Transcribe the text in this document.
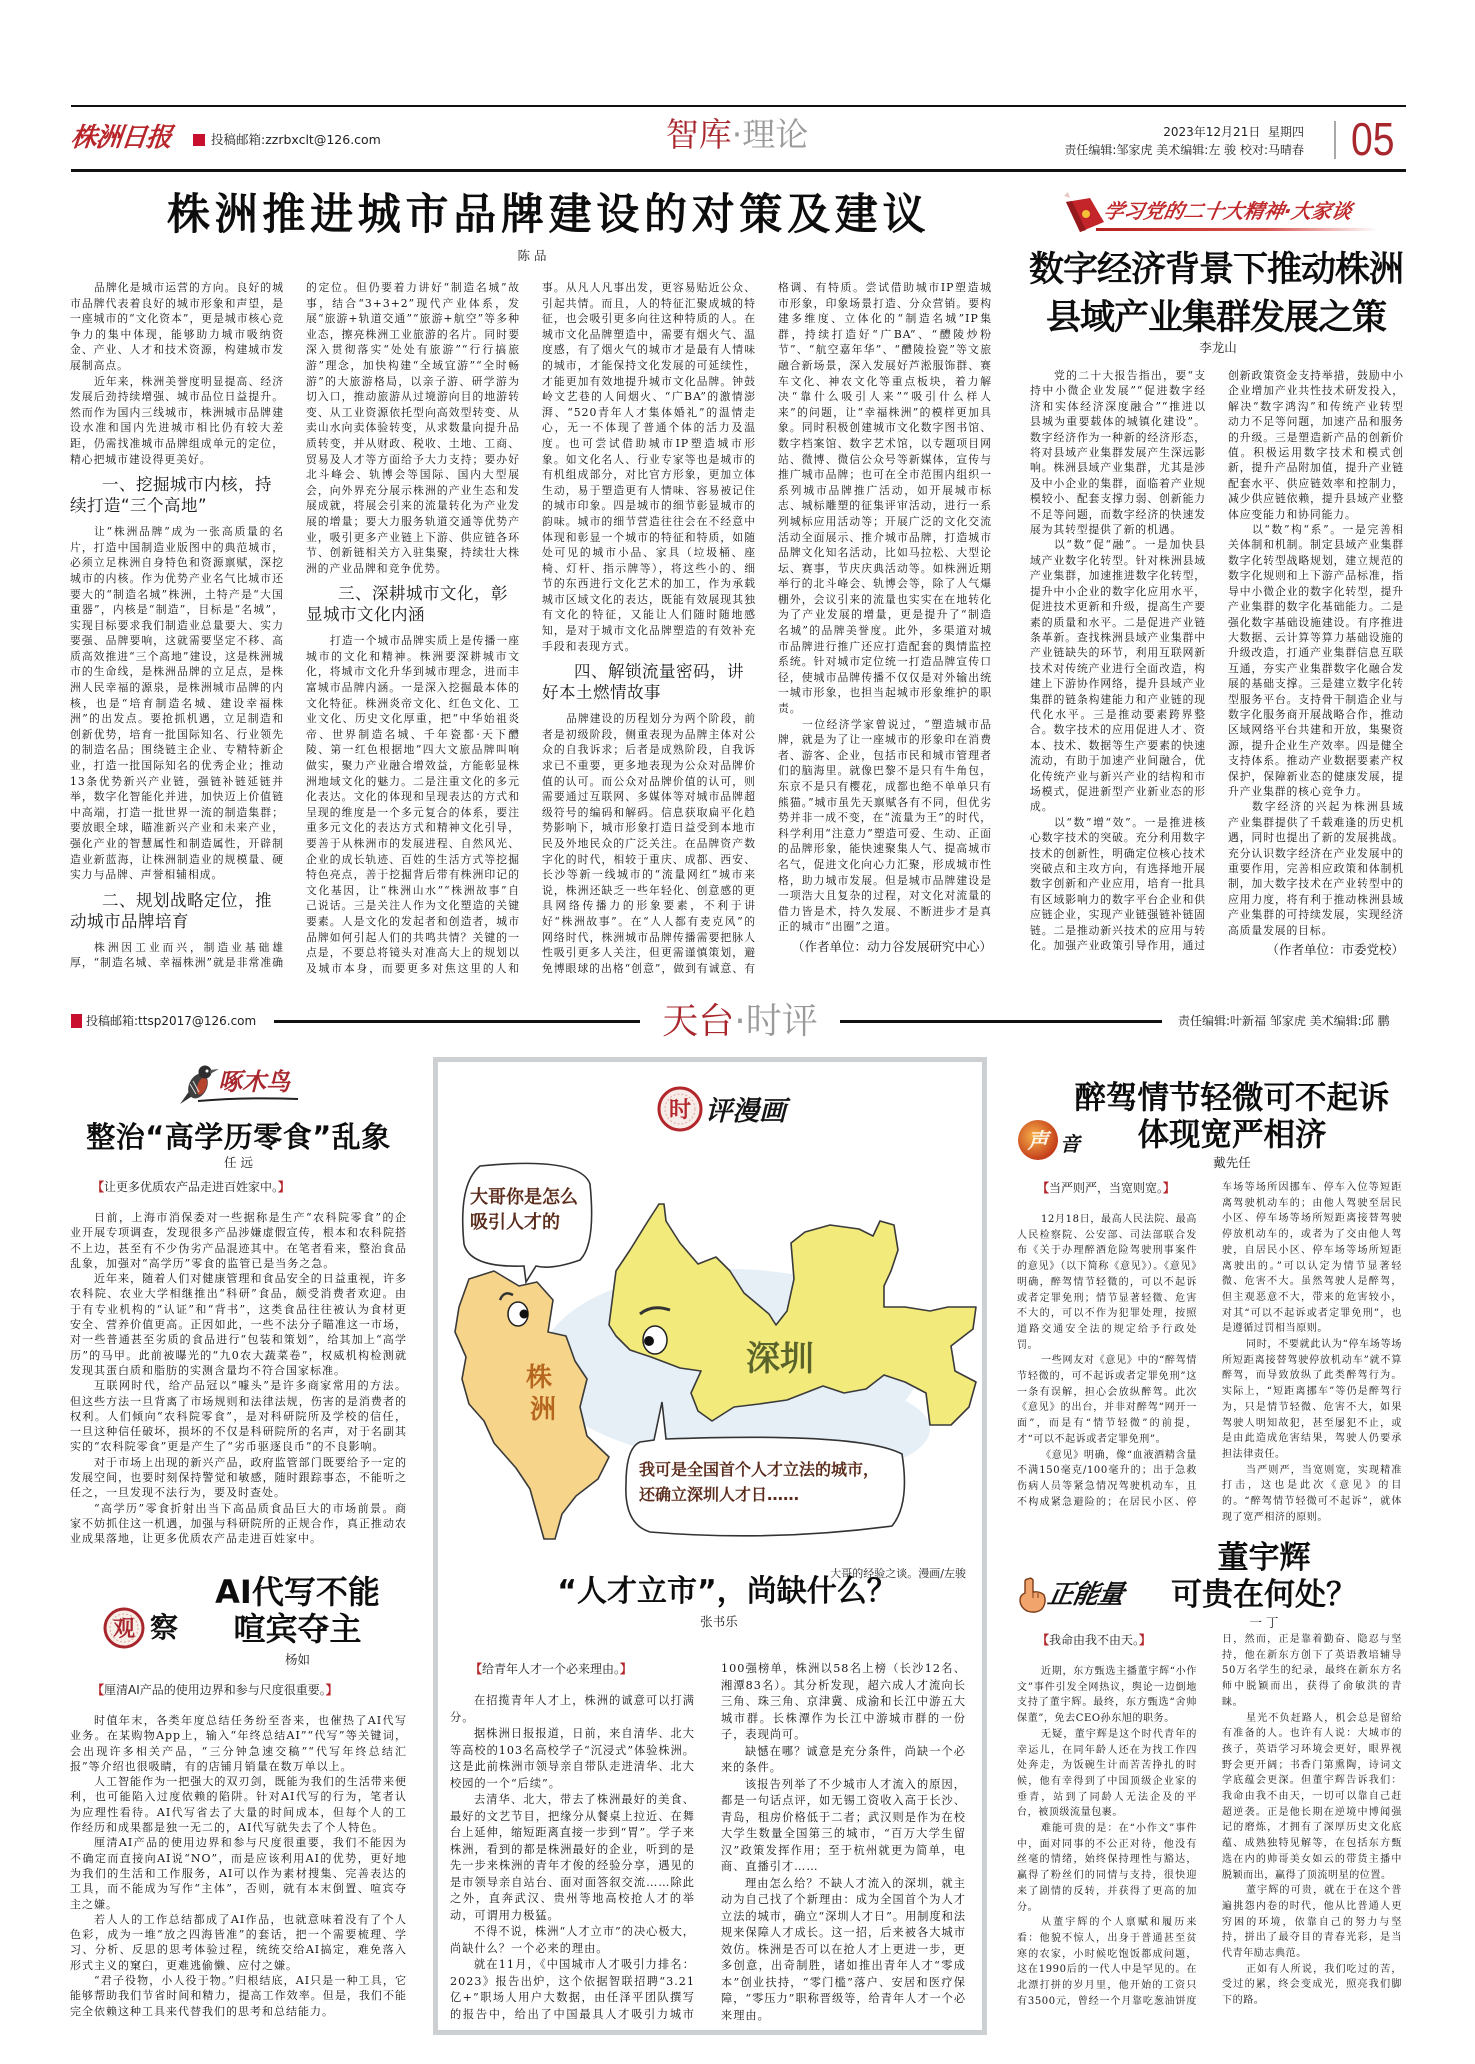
株洲日报	投稿邮箱:zzrbxclt@126.com	智库·理论	2023年12月21日 星期四
责任编辑:邹家虎 美术编辑:左 骏 校对:马晴春 05
株洲推进城市品牌建设的对策及建议
陈 品

品牌化是城市运营的方向。良好的城市品牌代表着良好的城市形象和声望，是一座城市的“文化资本”，更是城市核心竞争力的集中体现，能够助力城市吸纳资金、产业、人才和技术资源，构建城市发展制高点。

近年来，株洲美誉度明显提高、经济发展后劲持续增强、城市品位日益提升。然而作为国内三线城市，株洲城市品牌建设水准和国内先进城市相比仍有较大差距，仍需找准城市品牌组成单元的定位，精心把城市建设得更美好。

一、挖掘城市内核，持续打造“三个高地”

让“株洲品牌”成为一张高质量的名片，打造中国制造业版图中的典范城市，必须立足株洲自身特色和资源禀赋，深挖城市的内核。作为优势产业名气比城市还要大的“制造名城”株洲，土特产是“大国重器”，内核是“制造”，目标是“名城”，实现目标要求我们制造业总量要大、实力要强、品牌要响，这就需要坚定不移、高质高效推进“三个高地”建设，这是株洲城市的生命线，是株洲品牌的立足点，是株洲人民幸福的源泉，是株洲城市品牌的内核，也是“培育制造名城、建设幸福株洲”的出发点。要抢抓机遇，立足制造和创新优势，培育一批国际知名、行业领先的制造名品；围绕链主企业、专精特新企业，打造一批国际知名的优秀企业；推动13条优势新兴产业链，强链补链延链并举，数字化智能化并进，加快迈上价值链中高端，打造一批世界一流的制造集群；要放眼全球，瞄准新兴产业和未来产业，强化产业的智慧属性和制造属性，开辟制造业新蓝海，让株洲制造业的规模量、硬实力与品牌、声誉相辅相成。

二、规划战略定位，推动城市品牌培育

株洲因工业而兴，制造业基础雄厚，“制造名城、幸福株洲”就是非常准确的定位。但仍要着力讲好“制造名城”故事，结合“3+3+2”现代产业体系，发展“旅游+轨道交通”“旅游+航空”等多种业态，擦亮株洲工业旅游的名片。同时要深入贯彻落实“处处有旅游”“行行搞旅游”理念，加快构建“全域宜游”“全时畅游”的大旅游格局，以亲子游、研学游为切入口，推动旅游从过境游向目的地游转变、从工业资源依托型向高效型转变、从卖山水向卖体验转变，从求数量向提升品质转变，并从财政、税收、土地、工商、贸易及人才等方面给予大力支持；要办好北斗峰会、轨博会等国际、国内大型展会，向外界充分展示株洲的产业生态和发展成就，将展会引来的流量转化为产业发展的增量；要大力服务轨道交通等优势产业，吸引更多产业链上下游、供应链各环节、创新链相关方入驻集聚，持续壮大株洲的产业品牌和竞争优势。

三、深耕城市文化，彰显城市文化内涵

打造一个城市品牌实质上是传播一座城市的文化和精神。株洲要深耕城市文化，将城市文化升华到城市理念，进而丰富城市品牌内涵。一是深入挖掘最本体的文化特征。株洲炎帝文化、红色文化、工业文化、历史文化厚重，把“中华始祖炎帝、世界制造名城、千年瓷都·天下醴陵、第一红色根据地”四大文旅品牌叫响做实，聚力产业融合增效益，方能彰显株洲地域文化的魅力。二是注重文化的多元化表达。文化的体现和呈现表达的方式和呈现的维度是一个多元复合的体系，要注重多元文化的表达方式和精神文化引导，要善于从株洲市的发展进程、自然风光、企业的成长轨迹、百姓的生活方式等挖掘特色亮点，善于挖掘背后带有株洲印记的文化基因，让“株洲山水”“株洲故事”自己说话。三是关注人作为文化塑造的关键要素。人是文化的发起者和创造者，城市品牌如何引起人们的共鸣共情？关键的一点是，不要总将镜头对准高大上的规划以及城市本身，而要更多对焦这里的人和事。从凡人凡事出发，更容易贴近公众、引起共情。而且，人的特征汇聚成城的特征，也会吸引更多向往这种特质的人。在城市文化品牌塑造中，需要有烟火气、温度感，有了烟火气的城市才是最有人情味的城市，才能保持文化发展的可延续性，才能更加有效地提升城市文化品牌。钟鼓岭文艺巷的人间烟火、“广BA”的激情澎湃、“520青年人才集体婚礼”的温情走心，无一不体现了普通个体的活力及温度。也可尝试借助城市IP塑造城市形象。如文化名人、行业专家等也是城市的有机组成部分，对比官方形象，更加立体生动，易于塑造更有人情味、容易被记住的城市印象。四是城市的细节彰显城市的韵味。城市的细节营造往往会在不经意中体现和彰显一个城市的特征和特质，如随处可见的城市小品、家具（垃圾桶、座椅、灯杆、指示牌等），将这些小的、细节的东西进行文化艺术的加工，作为承载城市区域文化的表达，既能有效展现其独有文化的特征，又能让人们随时随地感知，是对于城市文化品牌塑造的有效补充手段和表现方式。

四、解锁流量密码，讲好本土燃情故事

品牌建设的历程划分为两个阶段，前者是初级阶段，侧重表现为品牌主体对公众的自我诉求；后者是成熟阶段，自我诉求已不重要，更多地表现为公众对品牌价值的认可。而公众对品牌价值的认可，则需要通过互联网、多媒体等对城市品牌超级符号的编码和解码。信息获取扁平化趋势影响下，城市形象打造日益受到本地市民及外地民众的广泛关注。在品牌资产数字化的时代，相较于重庆、成都、西安、长沙等新一线城市的“流量网红”城市来说，株洲还缺乏一些年轻化、创意感的更具网络传播力的形象要素，不利于讲好“株洲故事”。在“人人都有麦克风”的网络时代，株洲城市品牌传播需要把脉人性吸引更多人关注，但更需谨慎策划，避免博眼球的出格“创意”，做到有诚意、有格调、有特质。尝试借助城市IP塑造城市形象，印象场景打造、分众营销。要构建多维度、立体化的“制造名城”IP集群，持续打造好“广BA”、“醴陵炒粉节”、“航空嘉年华”、“醴陵捡瓷”等文旅融合新场景，深入发展好芦淞服饰群、赛车文化、神农文化等重点板块，着力解决“靠什么吸引人来”“吸引什么样人来”的问题，让“幸福株洲”的模样更加具象。同时积极创建城市文化数字图书馆、数字档案馆、数字艺术馆，以专题项目网站、微博、微信公众号等新媒体，宣传与推广城市品牌；也可在全市范围内组织一系列城市品牌推广活动，如开展城市标志、城标雕塑的征集评审活动，进行一系列城标应用活动等；开展广泛的文化交流活动全面展示、推介城市品牌，打造城市品牌文化知名活动，比如马拉松、大型论坛、赛事，节庆庆典活动等。如株洲近期举行的北斗峰会、轨博会等，除了人气爆棚外，会议引来的流量也实实在在地转化为了产业发展的增量，更是提升了“制造名城”的品牌美誉度。此外，多渠道对城市品牌进行推广还应打造配套的舆情监控系统。针对城市定位统一打造品牌宣传口径，使城市品牌传播不仅仅是对外输出统一城市形象，也担当起城市形象维护的职责。

一位经济学家曾说过，“塑造城市品牌，就是为了让一座城市的形象印在消费者、游客、企业，包括市民和城市管理者们的脑海里。就像巴黎不是只有牛角包，东京不是只有樱花，成都也绝不单单只有熊猫。”城市虽先天禀赋各有不同，但优劣势并非一成不变，在“流量为王”的时代，科学利用“注意力”塑造可爱、生动、正面的品牌形象，能快速聚集人气、提高城市名气，促进文化向心力汇聚，形成城市性格，助力城市发展。但是城市品牌建设是一项浩大且复杂的过程，对文化对流量的借力皆是术，持久发展、不断进步才是真正的城市“出圈”之道。

（作者单位：动力谷发展研究中心）

学习党的二十大精神·大家谈
数字经济背景下推动株洲
县域产业集群发展之策
李龙山

党的二十大报告指出，要“支持中小微企业发展”“促进数字经济和实体经济深度融合”“推进以县城为重要载体的城镇化建设”。数字经济作为一种新的经济形态，将对县域产业集群发展产生深远影响。株洲县域产业集群，尤其是涉及中小企业的集群，面临着产业规模较小、配套支撑力弱、创新能力不足等问题，而数字经济的快速发展为其转型提供了新的机遇。

以“数”促“融”。一是加快县域产业数字化转型。针对株洲县域产业集群，加速推进数字化转型，提升中小企业的数字化应用水平，促进技术更新和升级，提高生产要素的质量和水平。二是促进产业链条革新。查找株洲县域产业集群中产业链缺失的环节，利用互联网新技术对传统产业进行全面改造，构建上下游协作网络，提升县域产业集群的链条构建能力和产业链的现代化水平。三是推动要素跨界整合。数字技术的应用促进人才、资本、技术、数据等生产要素的快速流动，有助于加速产业间融合，优化传统产业与新兴产业的结构和市场模式，促进新型产业新业态的形成。

以“数”增“效”。一是推进核心数字技术的突破。充分利用数字技术的创新性，明确定位核心技术突破点和主攻方向，有选择地开展数字创新和产业应用，培育一批具有区域影响力的数字平台企业和供应链企业，实现产业链强链补链固链。二是推动新兴技术的应用与转化。加强产业政策引导作用，通过创新政策资金支持举措，鼓励中小企业增加产业共性技术研发投入，解决“数字鸿沟”和传统产业转型动力不足等问题，加速产品和服务的升级。三是塑造新产品的创新价值。积极运用数字技术和模式创新，提升产品附加值，提升产业链配套水平、供应链效率和控制力，减少供应链依赖，提升县域产业整体应变能力和协同能力。

以“数”构“系”。一是完善相关体制和机制。制定县域产业集群数字化转型战略规划，建立规范的数字化规则和上下游产品标准，指导中小微企业的数字化转型，提升产业集群的数字化基础能力。二是强化数字基础设施建设。有序推进大数据、云计算等算力基础设施的升级改造，打通产业集群信息互联互通，夯实产业集群数字化融合发展的基础支撑。三是建立数字化转型服务平台。支持骨干制造企业与数字化服务商开展战略合作，推动区域网络平台共建和开放，集聚资源，提升企业生产效率。四是健全支持体系。推动产业数据要素产权保护，保障新业态的健康发展，提升产业集群的核心竞争力。

数字经济的兴起为株洲县域产业集群提供了千载难逢的历史机遇，同时也提出了新的发展挑战。充分认识数字经济在产业发展中的重要作用，完善相应政策和体制机制，加大数字技术在产业转型中的应用力度，将有利于推动株洲县域产业集群的可持续发展，实现经济高质量发展的目标。

（作者单位：市委党校）

投稿邮箱:ttsp2017@126.com	天台·时评	责任编辑:叶新福 邹家虎 美术编辑:邱 鹏
啄木鸟
整治“高学历零食”乱象
任 远
【让更多优质农产品走进百姓家中。】

日前，上海市消保委对一些据称是生产“农科院零食”的企业开展专项调查，发现很多产品涉嫌虚假宣传，根本和农科院搭不上边，甚至有不少伪劣产品混迹其中。在笔者看来，整治食品乱象，加强对“高学历”零食的监管已是当务之急。

近年来，随着人们对健康管理和食品安全的日益重视，许多农科院、农业大学相继推出“科研”食品，颇受消费者欢迎。由于有专业机构的“认证”和“背书”，这类食品往往被认为食材更安全、营养价值更高。正因如此，一些不法分子瞄准这一市场，对一些普通甚至劣质的食品进行“包装和策划”，给其加上“高学历”的马甲。此前被曝光的“九0农大蔬菜卷”，权威机构检测就发现其蛋白质和脂肪的实测含量均不符合国家标准。

互联网时代，给产品冠以“噱头”是许多商家常用的方法。但这些方法一旦背离了市场规则和法律法规，伤害的是消费者的权利。人们倾向“农科院零食”，是对科研院所及学校的信任，一旦这种信任破坏，损坏的不仅是科研院所的名声，对于名副其实的“农科院零食”更是产生了“劣币驱逐良币”的不良影响。

对于市场上出现的新兴产品，政府监管部门既要给予一定的发展空间，也要时刻保持警觉和敏感，随时跟踪事态，不能听之任之，一旦发现不法行为，要及时查处。

“高学历”零食折射出当下高品质食品巨大的市场前景。商家不妨抓住这一机遇，加强与科研院所的正规合作，真正推动农业成果落地，让更多优质农产品走进百姓家中。

观 察
AI代写不能
喧宾夺主
杨如
【厘清AI产品的使用边界和参与尺度很重要。】

时值年末，各类年度总结任务纷至沓来，也催热了AI代写业务。在某购物App上，输入“年终总结AI”“代写”等关键词，会出现许多相关产品，“三分钟急速交稿”“代写年终总结汇报”等介绍也很吸睛，有的店铺月销量在数万单以上。

人工智能作为一把强大的双刃剑，既能为我们的生活带来便利，也可能陷入过度依赖的陷阱。针对AI代写的行为，笔者认为应理性看待。AI代写省去了大量的时间成本，但每个人的工作经历和成果都是独一无二的，AI代写就失去了个人特色。

厘清AI产品的使用边界和参与尺度很重要，我们不能因为不确定而直接向AI说“NO”，而是应该利用AI的优势，更好地为我们的生活和工作服务，AI可以作为素材搜集、完善表达的工具，而不能成为写作“主体”，否则，就有本末倒置、喧宾夺主之嫌。

若人人的工作总结都成了AI作品，也就意味着没有了个人色彩，成为一堆“放之四海皆准”的套话，把一个需要梳理、学习、分析、反思的思考体验过程，统统交给AI搞定，难免落入形式主义的窠臼，更难逃偷懒、应付之嫌。

“君子役物，小人役于物。”归根结底，AI只是一种工具，它能够帮助我们节省时间和精力，提高工作效率。但是，我们不能完全依赖这种工具来代替我们的思考和总结能力。

时 评漫画
株
洲
深圳
大哥你是怎么
吸引人才的
我可是全国首个人才立法的城市，
还确立深圳人才日……
大哥的经验之谈。漫画/左骏
“人才立市”，尚缺什么？
张书乐
【给青年人才一个必来理由。】

在招揽青年人才上，株洲的诚意可以打满分。

据株洲日报报道，日前，来自清华、北大等高校的103名高校学子“沉浸式”体验株洲。这是此前株洲市领导亲自带队走进清华、北大校园的一个“后续”。

去清华、北大，带去了株洲最好的美食、最好的文艺节目，把缘分从餐桌上拉近、在舞台上延伸，缩短距离直接一步到“胃”。学子来株洲，看到的都是株洲最好的企业，听到的是先一步来株洲的青年才俊的经验分享，遇见的是市领导亲自站台、面对面答叙交流……除此之外，直奔武汉、贵州等地高校抢人才的举动，可谓用力极猛。

不得不说，株洲“人才立市”的决心极大，尚缺什么？一个必来的理由。

就在11月，《中国城市人才吸引力排名：2023》报告出炉，这个依据智联招聘“3.21亿+”职场人用户大数据，由任泽平团队撰写的报告中，给出了中国最具人才吸引力城市100强榜单，株洲以58名上榜（长沙12名、湘潭83名）。其分析发现，超六成人才流向长三角、珠三角、京津冀、成渝和长江中游五大城市群。长株潭作为长江中游城市群的一份子，表现尚可。

缺憾在哪？诚意是充分条件，尚缺一个必来的条件。

该报告列举了不少城市人才流入的原因，都是一句话点评，如无锡工资收入高于长沙、青岛，租房价格低于二者；武汉则是作为在校大学生数量全国第三的城市，“百万大学生留汉”政策发挥作用；至于杭州就更为简单，电商、直播引才……

理由怎么给？不缺人才流入的深圳，就主动为自己找了个新理由：成为全国首个为人才立法的城市，确立“深圳人才日”。用制度和法规来保障人才成长。这一招，后来被各大城市效仿。株洲是否可以在抢人才上更进一步，更多创意，出奇制胜，诸如推出青年人才“零成本”创业扶持，“零门槛”落户、安居和医疗保障，“零压力”职称晋级等，给青年人才一个必来理由。

声 音
醉驾情节轻微可不起诉
体现宽严相济
戴先任
【当严则严，当宽则宽。】

12月18日，最高人民法院、最高人民检察院、公安部、司法部联合发布《关于办理醉酒危险驾驶刑事案件的意见》（以下简称《意见》）。《意见》明确，醉驾情节轻微的，可以不起诉或者定罪免刑；情节显著轻微、危害不大的，可以不作为犯罪处理，按照道路交通安全法的规定给予行政处罚。

一些网友对《意见》中的“醉驾情节轻微的，可不起诉或者定罪免刑”这一条有误解，担心会放纵醉驾。此次《意见》的出台，并非对醉驾“网开一面”，而是有“情节轻微”的前提，才“可以不起诉或者定罪免刑”。

《意见》明确，像“血液酒精含量不满150毫克/100毫升的；出于急救伤病人员等紧急情况驾驶机动车，且不构成紧急避险的；在居民小区、停车场等场所因挪车、停车入位等短距离驾驶机动车的；由他人驾驶至居民小区、停车场等场所短距离接替驾驶停放机动车的，或者为了交由他人驾驶，自居民小区、停车场等场所短距离驶出的。”可以认定为情节显著轻微、危害不大。虽然驾驶人是醉驾，但主观恶意不大，带来的危害较小，对其“可以不起诉或者定罪免刑”，也是遵循过罚相当原则。

同时，不要就此认为“停车场等场所短距离接替驾驶停放机动车”就不算醉驾，而导致放纵了此类醉驾行为。实际上，“短距离挪车”等仍是醉驾行为，只是情节轻微、危害不大，如果驾驶人明知故犯，甚至屡犯不止，或是由此造成危害结果，驾驶人仍要承担法律责任。

当严则严，当宽则宽，实现精准打击，这也是此次《意见》的目的。“醉驾情节轻微可不起诉”，就体现了宽严相济的原则。

正能量
董宇辉
可贵在何处？
一 丁
【我命由我不由天。】

近期，东方甄选主播董宇辉“小作文”事件引发全网热议，舆论一边倒地支持了董宇辉。最终，东方甄选“舍帅保董”，免去CEO孙东旭的职务。

无疑，董宇辉是这个时代青年的幸运儿，在同年龄人还在为找工作四处奔走，为饭碗生计而苦苦挣扎的时候，他有幸得到了中国顶级企业家的垂青，站到了同龄人无法企及的平台，被顶级流量包裹。

难能可贵的是：在“小作文”事件中，面对同事的不公正对待，他没有丝毫的情绪，始终保持理性与豁达，赢得了粉丝们的同情与支持，很快迎来了剧情的反转，并获得了更高的加分。

从董宇辉的个人禀赋和履历来看：他貌不惊人，出身于普通甚至贫寒的农家，小时候吃饱饭都成问题，这在1990后的一代人中是罕见的。在北漂打拼的岁月里，他开始的工资只有3500元，曾经一个月靠吃葱油饼度日，然而，正是靠着勤奋、隐忍与坚持，他在新东方创下了英语教培辅导50万名学生的纪录，最终在新东方名师中脱颖而出，获得了俞敏洪的青睐。

星光不负赶路人，机会总是留给有准备的人。也许有人说：大城市的孩子，英语学习环境会更好，眼界视野会更开阔；书香门第熏陶，诗词文学底蕴会更深。但董宇辉告诉我们：我命由我不由天，一切可以靠自己赶超逆袭。正是他长期在逆境中博闻强记的磨炼，才拥有了深厚历史文化底蕴、成熟独特见解等，在包括东方甄选在内的帅哥美女如云的带货主播中脱颖而出，赢得了顶流明星的位置。

董宇辉的可贵，就在于在这个普遍挑怨内卷的时代，他从比普通人更穷困的环境，依靠自己的努力与坚持，拼出了最夺目的青春光彩，是当代青年励志典范。

正如有人所说，我们吃过的苦，受过的累，终会变成光，照亮我们脚下的路。
